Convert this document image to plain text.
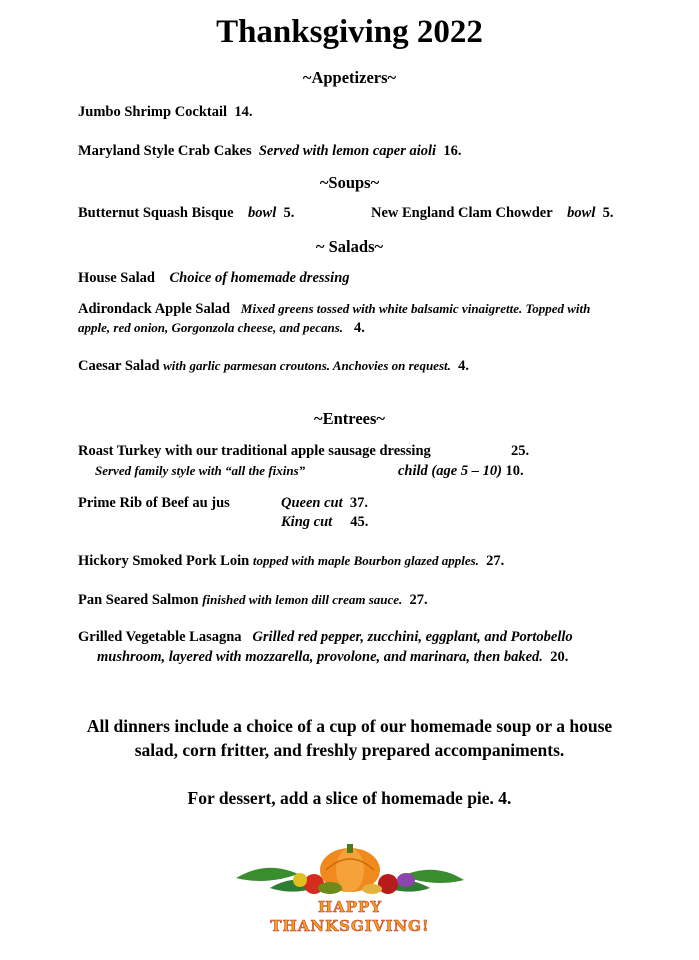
Thanksgiving 2022
~Appetizers~
Jumbo Shrimp Cocktail 14.
Maryland Style Crab Cakes Served with lemon caper aioli 16.
~Soups~
Butternut Squash Bisque bowl 5.	New England Clam Chowder bowl 5.
~ Salads~
House Salad Choice of homemade dressing
Adirondack Apple Salad Mixed greens tossed with white balsamic vinaigrette. Topped with
apple, red onion, Gorgonzola cheese, and pecans. 4.
Caesar Salad with garlic parmesan croutons. Anchovies on request. 4.
~Entrees~
Roast Turkey with our traditional apple sausage dressing	25.
Served family style with “all the fixins”	child (age 5 – 10) 10.
Prime Rib of Beef au jus	Queen cut 37.
King cut 45.
Hickory Smoked Pork Loin topped with maple Bourbon glazed apples. 27.
Pan Seared Salmon finished with lemon dill cream sauce. 27.
Grilled Vegetable Lasagna Grilled red pepper, zucchini, eggplant, and Portobello
mushroom, layered with mozzarella, provolone, and marinara, then baked. 20.
All dinners include a choice of a cup of our homemade soup or a house
salad, corn fritter, and freshly prepared accompaniments.
For dessert, add a slice of homemade pie. 4.
HAPPY
THANKSGIVING!
